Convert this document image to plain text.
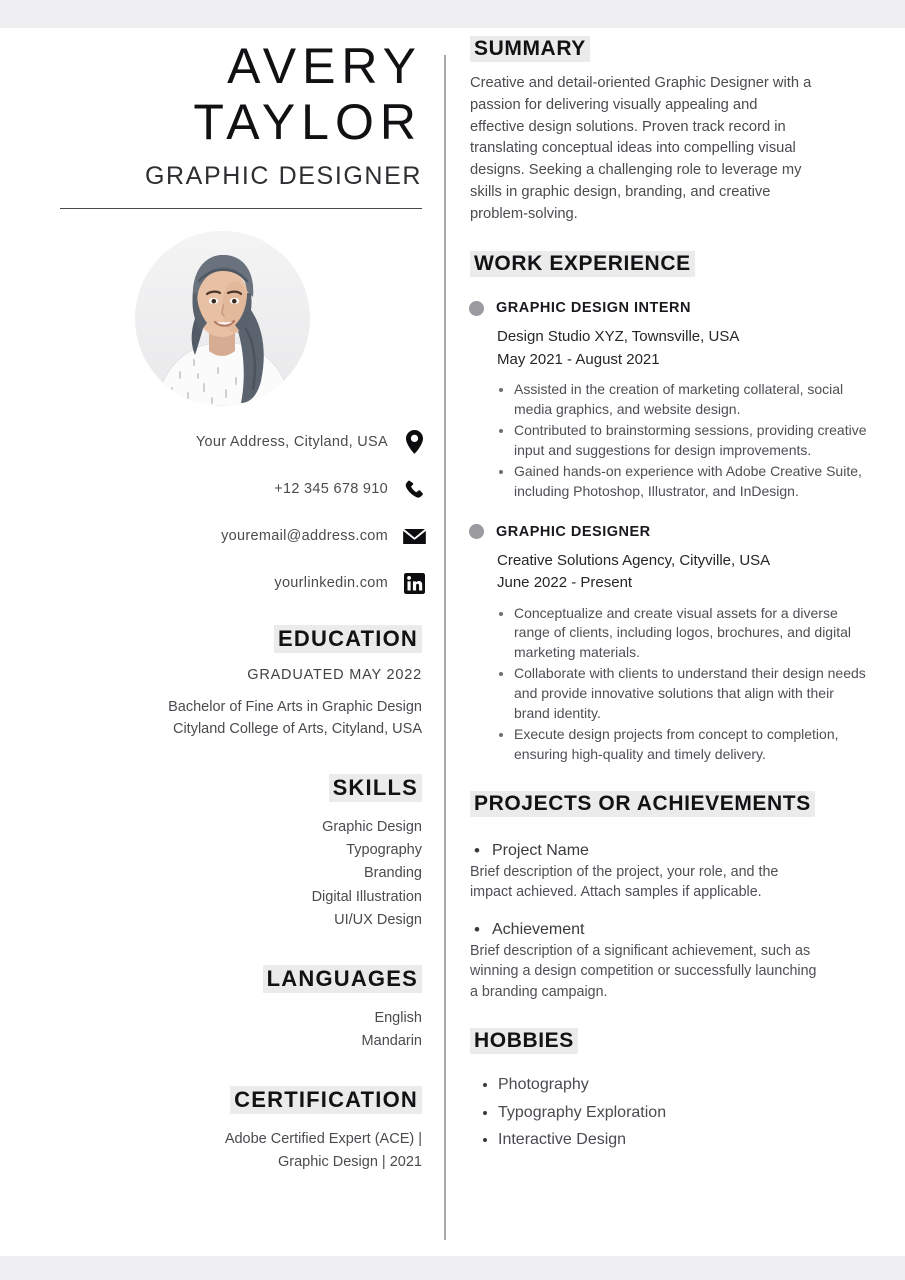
AVERY
TAYLOR
GRAPHIC DESIGNER
Your Address, Cityland, USA
+12 345 678 910
youremail@address.com
yourlinkedin.com
EDUCATION
GRADUATED MAY 2022
Bachelor of Fine Arts in Graphic Design
Cityland College of Arts, Cityland, USA
SKILLS
Graphic Design
Typography
Branding
Digital Illustration
UI/UX Design
LANGUAGES
English
Mandarin
CERTIFICATION
Adobe Certified Expert (ACE) |
Graphic Design | 2021
SUMMARY

Creative and detail-oriented Graphic Designer with a passion for delivering visually appealing and effective design solutions. Proven track record in translating conceptual ideas into compelling visual designs. Seeking a challenging role to leverage my skills in graphic design, branding, and creative problem-solving.

WORK EXPERIENCE
GRAPHIC DESIGN INTERN
Design Studio XYZ, Townsville, USA
May 2021 - August 2021
• Assisted in the creation of marketing collateral, social media graphics, and website design.
• Contributed to brainstorming sessions, providing creative input and suggestions for design improvements.
• Gained hands-on experience with Adobe Creative Suite, including Photoshop, Illustrator, and InDesign.
GRAPHIC DESIGNER
Creative Solutions Agency, Cityville, USA
June 2022 - Present
• Conceptualize and create visual assets for a diverse range of clients, including logos, brochures, and digital marketing materials.
• Collaborate with clients to understand their design needs and provide innovative solutions that align with their brand identity.
• Execute design projects from concept to completion, ensuring high-quality and timely delivery.
PROJECTS OR ACHIEVEMENTS
• Project Name
Brief description of the project, your role, and the impact achieved. Attach samples if applicable.
• Achievement
Brief description of a significant achievement, such as winning a design competition or successfully launching a branding campaign.
HOBBIES
• Photography
• Typography Exploration
• Interactive Design
